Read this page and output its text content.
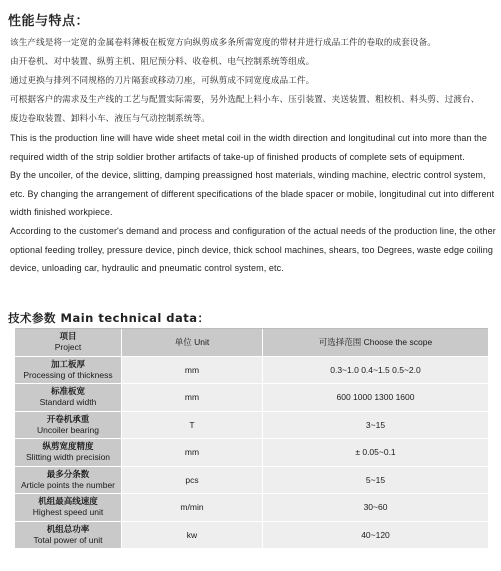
性能与特点：
该生产线是将一定宽的金属卷料薄板在板宽方向纵剪成多条所需宽度的带材并进行成品工件的卷取的成套设备。
由开卷机、对中装置、纵剪主机、阻尼预分料、收卷机、电气控制系统等组成。
通过更换与排列不同规格的刀片隔套或移动刀座，可纵剪成不同宽度成品工件。
可根据客户的需求及生产线的工艺与配置实际需要，另外选配上料小车、压引装置、夹送装置、粗校机、料头剪、过渡台、
废边卷取装置、卸料小车、液压与气动控制系统等。
This is the production line will have wide sheet metal coil in the width direction and longitudinal cut into more than the
required width of the strip soldier brother artifacts of take-up of finished products of complete sets of equipment.
By the uncoiler, of the device, slitting, damping preassigned host materials, winding machine, electric control system,
etc. By changing the arrangement of different specifications of the blade spacer or mobile, longitudinal cut into different
width finished workpiece.
According to the customer's demand and process and configuration of the actual needs of the production line, the other
optional feeding trolley, pressure device, pinch device, thick school machines, shears, too Degrees, waste edge coiling
device, unloading car, hydraulic and pneumatic control system, etc.
技术参数 Main technical data：
项目
Project	单位 Unit	可选择范围 Choose the scope
加工板厚
Processing of thickness	mm	0.3~1.0 0.4~1.5 0.5~2.0
标准板宽
Standard width	mm	600 1000 1300 1600
开卷机承重
Uncoiler bearing	T	3~15
纵剪宽度精度
Slitting width precision	mm	± 0.05~0.1
最多分条数
Article points the number	pcs	5~15
机组最高线速度
Highest speed unit	m/min	30~60
机组总功率
Total power of unit	kw	40~120
